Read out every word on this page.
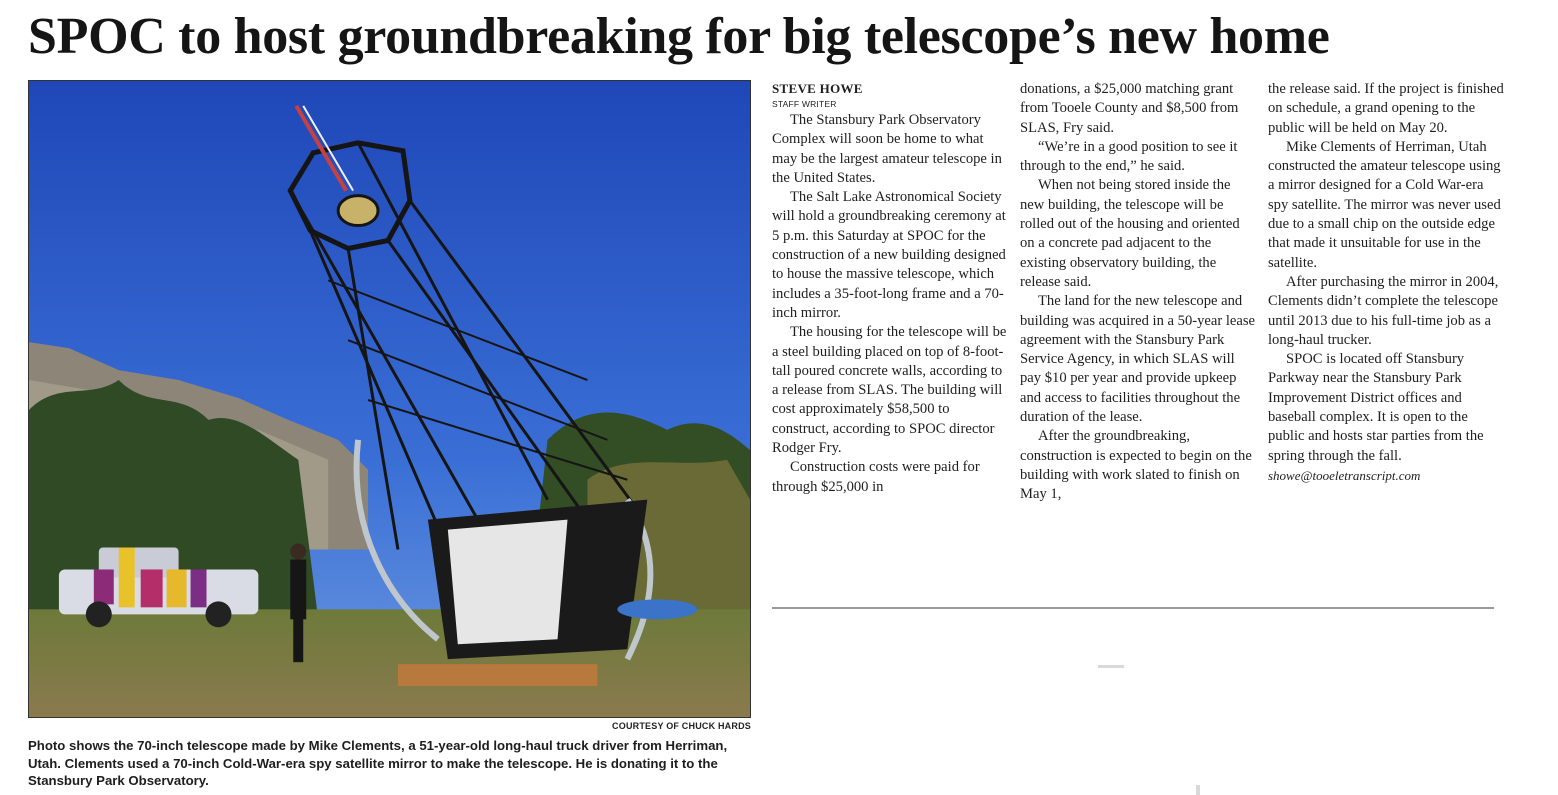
SPOC to host groundbreaking for big telescope’s new home
COURTESY OF CHUCK HARDS
Photo shows the 70-inch telescope made by Mike Clements, a 51-year-old long-haul truck driver from Herriman, Utah. Clements used a 70-inch Cold-War-era spy satellite mirror to make the telescope. He is donating it to the Stansbury Park Observatory.
STEVE HOWE
STAFF WRITER

The Stansbury Park Observatory Complex will soon be home to what may be the largest amateur telescope in the United States.

The Salt Lake Astronomical Society will hold a groundbreaking ceremony at 5 p.m. this Saturday at SPOC for the construction of a new building designed to house the massive telescope, which includes a 35-foot-long frame and a 70-inch mirror.

The housing for the telescope will be a steel building placed on top of 8-foot-tall poured concrete walls, according to a release from SLAS. The building will cost approximately $58,500 to construct, according to SPOC director Rodger Fry.

Construction costs were paid for through $25,000 in

donations, a $25,000 matching grant from Tooele County and $8,500 from SLAS, Fry said.

“We’re in a good position to see it through to the end,” he said.

When not being stored inside the new building, the telescope will be rolled out of the housing and oriented on a concrete pad adjacent to the existing observatory building, the release said.

The land for the new telescope and building was acquired in a 50-year lease agreement with the Stansbury Park Service Agency, in which SLAS will pay $10 per year and provide upkeep and access to facilities throughout the duration of the lease.

After the groundbreaking, construction is expected to begin on the building with work slated to finish on May 1,

the release said. If the project is finished on schedule, a grand opening to the public will be held on May 20.

Mike Clements of Herriman, Utah constructed the amateur telescope using a mirror designed for a Cold War-era spy satellite. The mirror was never used due to a small chip on the outside edge that made it unsuitable for use in the satellite.

After purchasing the mirror in 2004, Clements didn’t complete the telescope until 2013 due to his full-time job as a long-haul trucker.

SPOC is located off Stansbury Parkway near the Stansbury Park Improvement District offices and baseball complex. It is open to the public and hosts star parties from the spring through the fall.

showe@tooeletranscript.com
